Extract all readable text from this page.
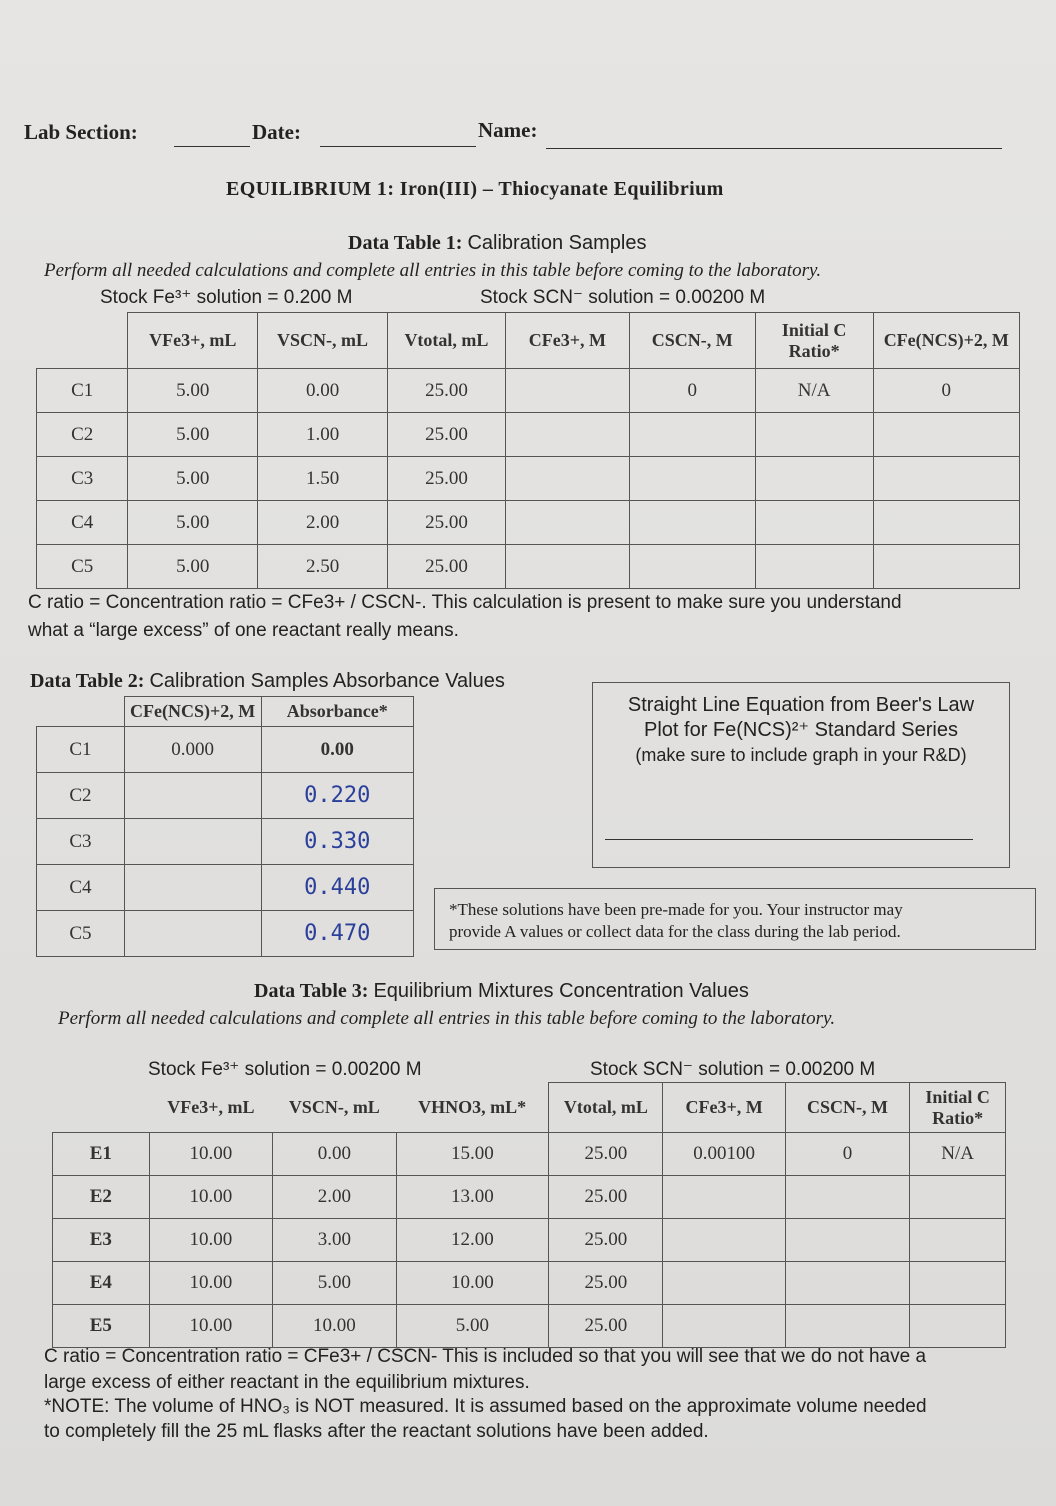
Lab Section:	Date:	Name:
EQUILIBRIUM 1: Iron(III) – Thiocyanate Equilibrium
Data Table 1: Calibration Samples
Perform all needed calculations and complete all entries in this table before coming to the laboratory.
Stock Fe³⁺ solution = 0.200 M	Stock SCN⁻ solution = 0.00200 M
	VFe3+, mL	VSCN-, mL	Vtotal, mL	CFe3+, M	CSCN-, M	Initial C Ratio*	CFe(NCS)+2, M
C1	5.00	0.00	25.00		0	N/A	0
C2	5.00	1.00	25.00				
C3	5.00	1.50	25.00				
C4	5.00	2.00	25.00				
C5	5.00	2.50	25.00				
C ratio = Concentration ratio = CFe3+ / CSCN-. This calculation is present to make sure you understand
what a “large excess” of one reactant really means.
Data Table 2: Calibration Samples Absorbance Values
	CFe(NCS)+2, M	Absorbance*
C1	0.000	0.00
C2		0.220
C3		0.330
C4		0.440
C5		0.470
Straight Line Equation from Beer's Law
Plot for Fe(NCS)²⁺ Standard Series
(make sure to include graph in your R&D)
*These solutions have been pre-made for you. Your instructor may
provide A values or collect data for the class during the lab period.
Data Table 3: Equilibrium Mixtures Concentration Values
Perform all needed calculations and complete all entries in this table before coming to the laboratory.
Stock Fe³⁺ solution = 0.00200 M	Stock SCN⁻ solution = 0.00200 M
	VFe3+, mL	VSCN-, mL	VHNO3, mL*	Vtotal, mL	CFe3+, M	CSCN-, M	Initial C Ratio*
E1	10.00	0.00	15.00	25.00	0.00100	0	N/A
E2	10.00	2.00	13.00	25.00			
E3	10.00	3.00	12.00	25.00			
E4	10.00	5.00	10.00	25.00			
E5	10.00	10.00	5.00	25.00			
C ratio = Concentration ratio = CFe3+ / CSCN- This is included so that you will see that we do not have a
large excess of either reactant in the equilibrium mixtures.
*NOTE: The volume of HNO₃ is NOT measured. It is assumed based on the approximate volume needed
to completely fill the 25 mL flasks after the reactant solutions have been added.
